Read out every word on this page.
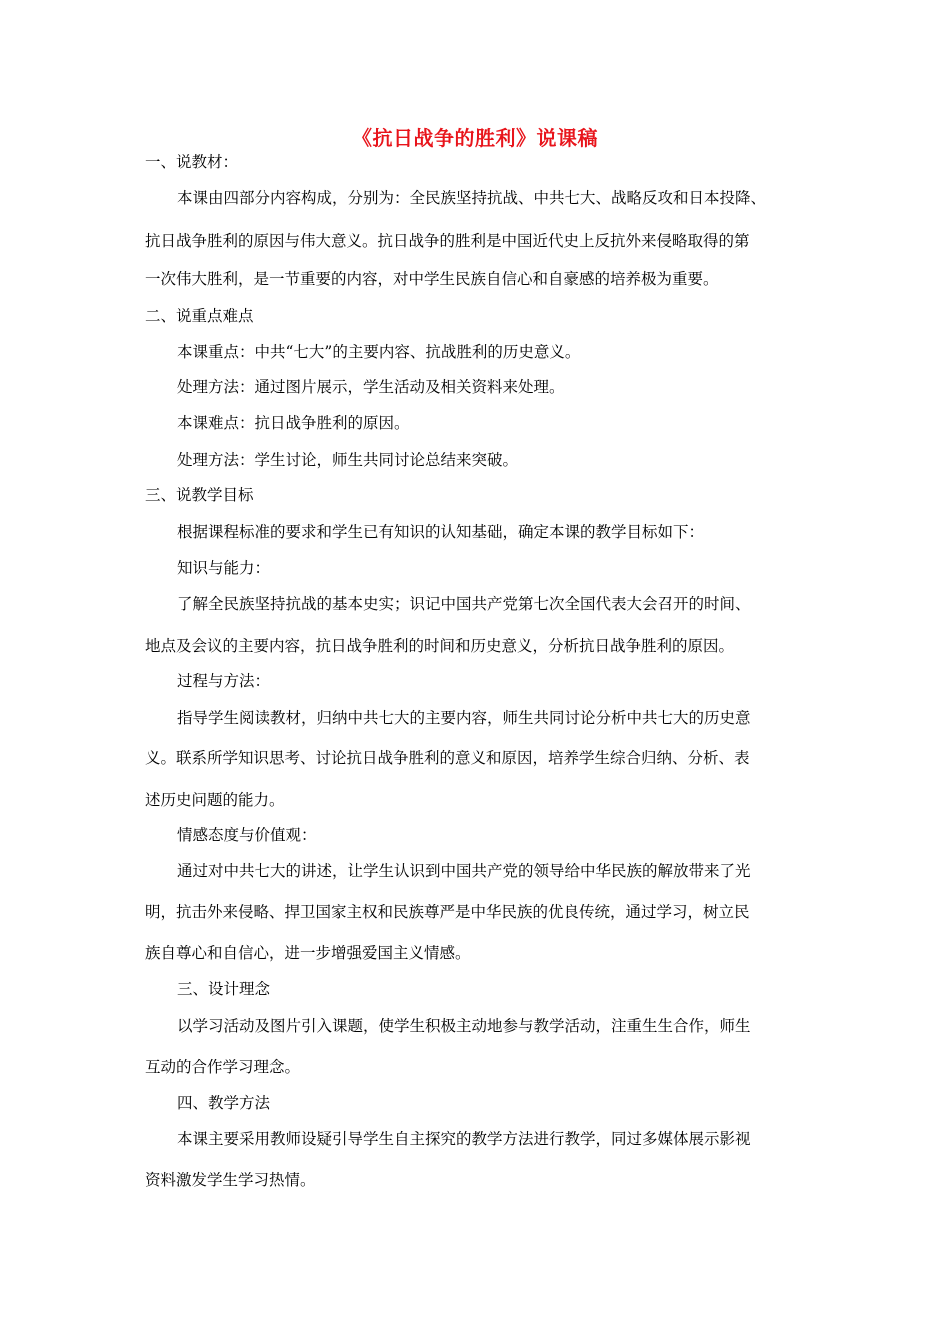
《抗日战争的胜利》说课稿
一、说教材：
本课由四部分内容构成，分别为：全民族坚持抗战、中共七大、战略反攻和日本投降、
抗日战争胜利的原因与伟大意义。抗日战争的胜利是中国近代史上反抗外来侵略取得的第
一次伟大胜利，是一节重要的内容，对中学生民族自信心和自豪感的培养极为重要。
二、说重点难点
本课重点：中共“七大”的主要内容、抗战胜利的历史意义。
处理方法：通过图片展示，学生活动及相关资料来处理。
本课难点：抗日战争胜利的原因。
处理方法：学生讨论，师生共同讨论总结来突破。
三、说教学目标
根据课程标准的要求和学生已有知识的认知基础，确定本课的教学目标如下：
知识与能力：
了解全民族坚持抗战的基本史实；识记中国共产党第七次全国代表大会召开的时间、
地点及会议的主要内容，抗日战争胜利的时间和历史意义，分析抗日战争胜利的原因。
过程与方法：
指导学生阅读教材，归纳中共七大的主要内容，师生共同讨论分析中共七大的历史意
义。联系所学知识思考、讨论抗日战争胜利的意义和原因，培养学生综合归纳、分析、表
述历史问题的能力。
情感态度与价值观：
通过对中共七大的讲述，让学生认识到中国共产党的领导给中华民族的解放带来了光
明，抗击外来侵略、捍卫国家主权和民族尊严是中华民族的优良传统，通过学习，树立民
族自尊心和自信心，进一步增强爱国主义情感。
三、设计理念
以学习活动及图片引入课题，使学生积极主动地参与教学活动，注重生生合作，师生
互动的合作学习理念。
四、教学方法
本课主要采用教师设疑引导学生自主探究的教学方法进行教学，同过多媒体展示影视
资料激发学生学习热情。
